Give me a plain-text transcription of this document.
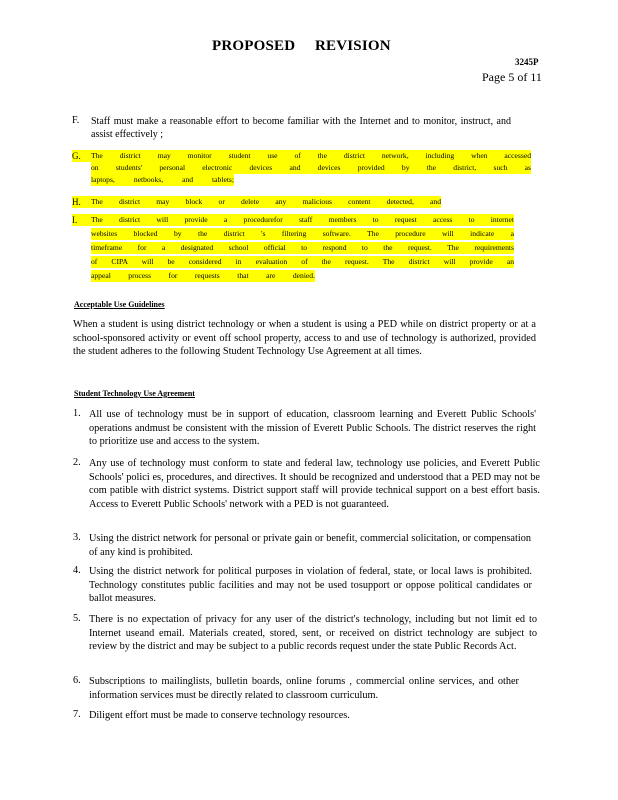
PROPOSED REVISION
3245P
Page 5 of 11
F. Staff must make a reasonable effort to become familiar with the Internet and to monitor, instruct, and assist effectively ;
G.	The district may monitor student use of the district network, including when accessed
on students' personal electronic devices and devices provided by the district, such as
laptops, netbooks, and tablets;
H.	The district may block or delete any malicious content detected, and
I.	The district will provide a procedurefor staff members to request access to internet
websites blocked by the district 's filtering software. The procedure will indicate a
timeframe for a designated school official to respond to the request. The requirements
of CIPA will be considered in evaluation of the request. The district will provide an
appeal process for requests that are denied.
Acceptable Use Guidelines
When a student is using district technology or when a student is using a PED while on district property or at a school-sponsored activity or event off school property, access to and use of technology is authorized, provided the student adheres to the following Student Technology Use Agreement at all times.
Student Technology Use Agreement
1. All use of technology must be in support of education, classroom learning and Everett Public Schools' operations andmust be consistent with the mission of Everett Public Schools. The district reserves the right to prioritize use and access to the system.
2. Any use of technology must conform to state and federal law, technology use policies, and Everett Public Schools' polici es, procedures, and directives. It should be recognized and understood that a PED may not be com patible with district systems. District support staff will provide technical support on a best effort basis. Access to Everett Public Schools' network with a PED is not guaranteed.
3. Using the district network for personal or private gain or benefit, commercial solicitation, or compensation of any kind is prohibited.
4. Using the district network for political purposes in violation of federal, state, or local laws is prohibited. Technology constitutes public facilities and may not be used tosupport or oppose political candidates or ballot measures.
5. There is no expectation of privacy for any user of the district's technology, including but not limit ed to Internet useand email. Materials created, stored, sent, or received on district technology are subject to review by the district and may be subject to a public records request under the state Public Records Act.
6. Subscriptions to mailinglists, bulletin boards, online forums , commercial online services, and other information services must be directly related to classroom curriculum.
7. Diligent effort must be made to conserve technology resources.
